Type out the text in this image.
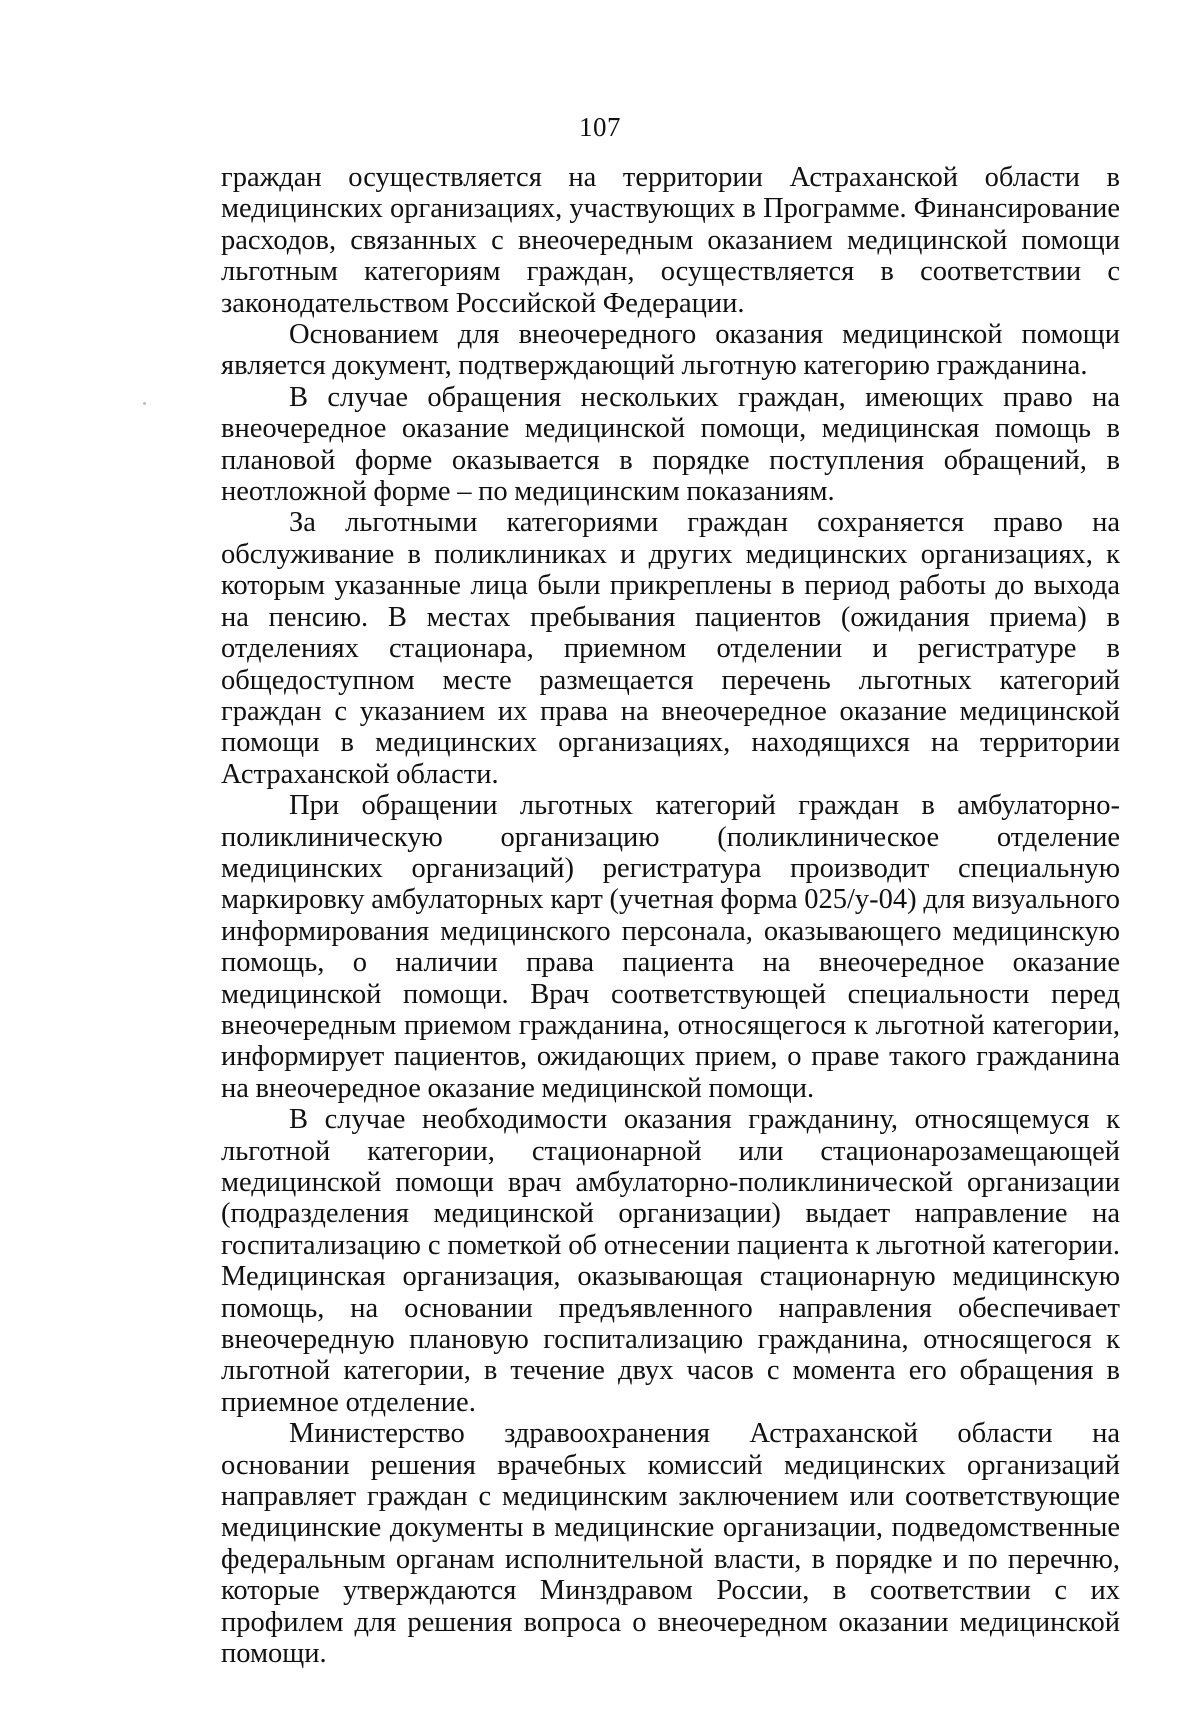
107

граждан осуществляется на территории Астраханской области в медицинских организациях, участвующих в Программе. Финансирование расходов, связанных с внеочередным оказанием медицинской помощи льготным категориям граждан, осуществляется в соответствии с законодательством Российской Федерации.

Основанием для внеочередного оказания медицинской помощи является документ, подтверждающий льготную категорию гражданина.

В случае обращения нескольких граждан, имеющих право на внеочередное оказание медицинской помощи, медицинская помощь в плановой форме оказывается в порядке поступления обращений, в неотложной форме – по медицинским показаниям.

За льготными категориями граждан сохраняется право на обслуживание в поликлиниках и других медицинских организациях, к которым указанные лица были прикреплены в период работы до выхода на пенсию. В местах пребывания пациентов (ожидания приема) в отделениях стационара, приемном отделении и регистратуре в общедоступном месте размещается перечень льготных категорий граждан с указанием их права на внеочередное оказание медицинской помощи в медицинских организациях, находящихся на территории Астраханской области.

При обращении льготных категорий граждан в амбулаторно-поликлиническую организацию (поликлиническое отделение медицинских организаций) регистратура производит специальную маркировку амбулаторных карт (учетная форма 025/у-04) для визуального информирования медицинского персонала, оказывающего медицинскую помощь, о наличии права пациента на внеочередное оказание медицинской помощи. Врач соответствующей специальности перед внеочередным приемом гражданина, относящегося к льготной категории, информирует пациентов, ожидающих прием, о праве такого гражданина на внеочередное оказание медицинской помощи.

В случае необходимости оказания гражданину, относящемуся к льготной категории, стационарной или стационарозамещающей медицинской помощи врач амбулаторно-поликлинической организации (подразделения медицинской организации) выдает направление на госпитализацию с пометкой об отнесении пациента к льготной категории. Медицинская организация, оказывающая стационарную медицинскую помощь, на основании предъявленного направления обеспечивает внеочередную плановую госпитализацию гражданина, относящегося к льготной категории, в течение двух часов с момента его обращения в приемное отделение.

Министерство здравоохранения Астраханской области на основании решения врачебных комиссий медицинских организаций направляет граждан с медицинским заключением или соответствующие медицинские документы в медицинские организации, подведомственные федеральным органам исполнительной власти, в порядке и по перечню, которые утверждаются Минздравом России, в соответствии с их профилем для решения вопроса о внеочередном оказании медицинской помощи.
